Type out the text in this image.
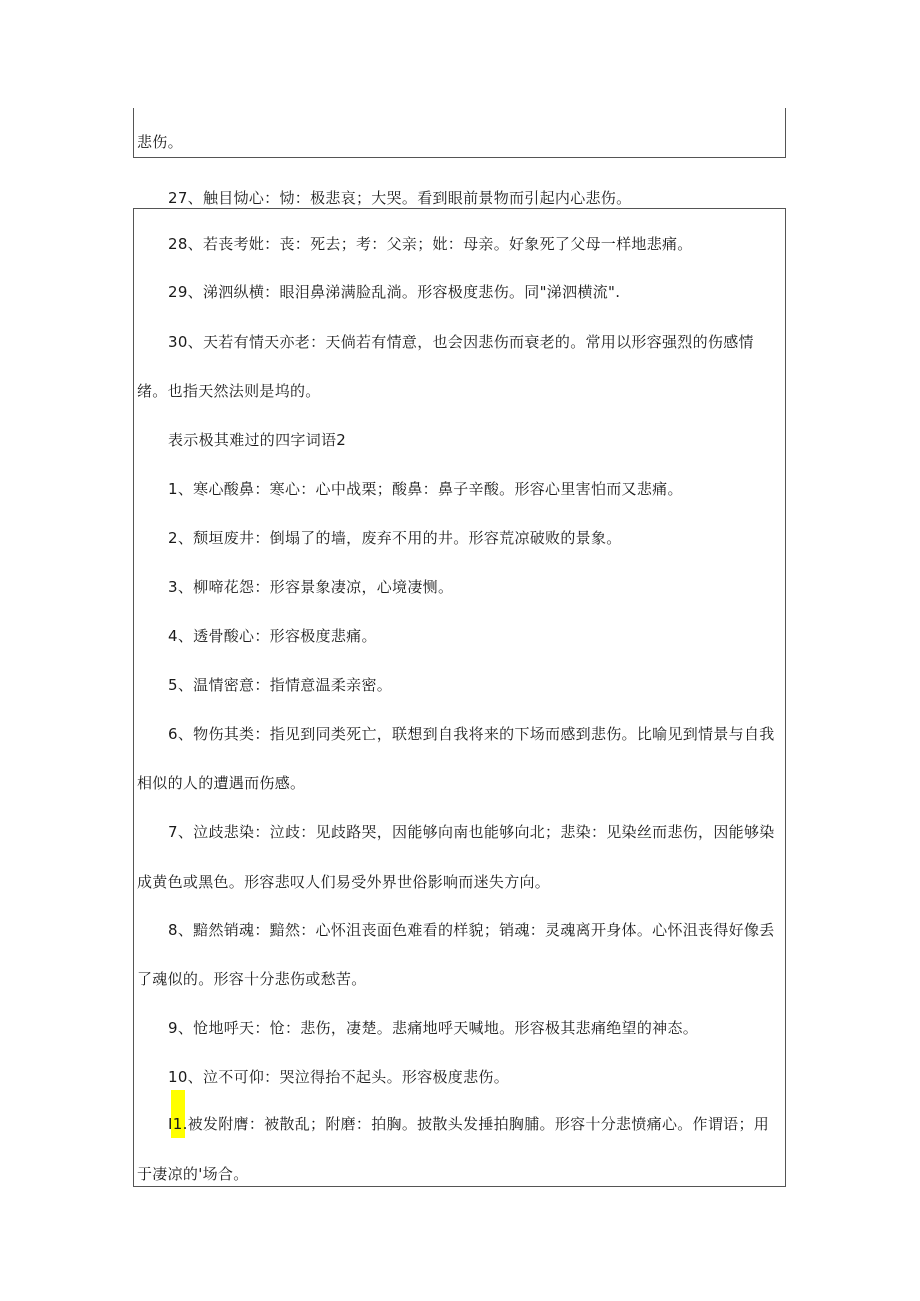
悲伤。
27、触目恸心：恸：极悲哀；大哭。看到眼前景物而引起内心悲伤。
28、若丧考妣：丧：死去；考：父亲；妣：母亲。好象死了父母一样地悲痛。
29、涕泗纵横：眼泪鼻涕满脸乱淌。形容极度悲伤。同"涕泗横流".
30、天若有情天亦老：天倘若有情意，也会因悲伤而衰老的。常用以形容强烈的伤感情
绪。也指天然法则是坞的。
表示极其难过的四字词语2
1、寒心酸鼻：寒心：心中战栗；酸鼻：鼻子辛酸。形容心里害怕而又悲痛。
2、颓垣废井：倒塌了的墙，废弃不用的井。形容荒凉破败的景象。
3、柳啼花怨：形容景象凄凉，心境凄恻。
4、透骨酸心：形容极度悲痛。
5、温情密意：指情意温柔亲密。
6、物伤其类：指见到同类死亡，联想到自我将来的下场而感到悲伤。比喻见到情景与自我
相似的人的遭遇而伤感。
7、泣歧悲染：泣歧：见歧路哭，因能够向南也能够向北；悲染：见染丝而悲伤，因能够染
成黄色或黑色。形容悲叹人们易受外界世俗影响而迷失方向。
8、黯然销魂：黯然：心怀沮丧面色难看的样貌；销魂：灵魂离开身体。心怀沮丧得好像丢
了魂似的。形容十分悲伤或愁苦。
9、怆地呼天：怆：悲伤，凄楚。悲痛地呼天喊地。形容极其悲痛绝望的神态。
10、泣不可仰：哭泣得抬不起头。形容极度悲伤。
I1.被发附膺：被散乱；附磨：拍胸。披散头发捶拍胸脯。形容十分悲愤痛心。作谓语；用
于凄凉的'场合。
